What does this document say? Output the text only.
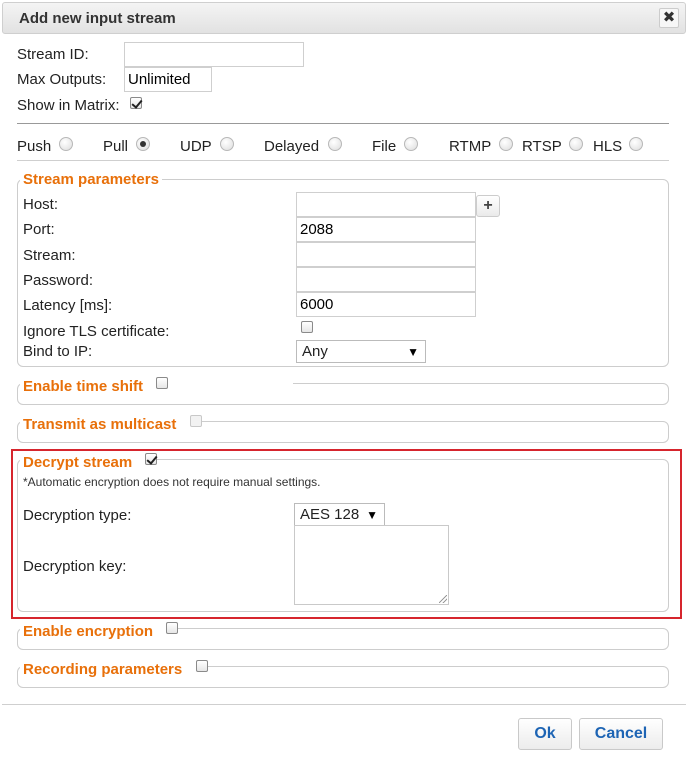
Add new input stream	✖
Stream ID:
Max Outputs: Unlimited
Show in Matrix:
Push	Pull	UDP	Delayed	File	RTMP RTSP HLS
Stream parameters
Host:	+
Port:	2088
Stream:
Password:
Latency [ms]:	6000
Ignore TLS certificate:
Bind to IP:	Any	▼
Enable time shift
Transmit as multicast
Decrypt stream
*Automatic encryption does not require manual settings.
Decryption type:	AES 128 ▼
Decryption key:
Enable encryption
Recording parameters
Ok	Cancel
